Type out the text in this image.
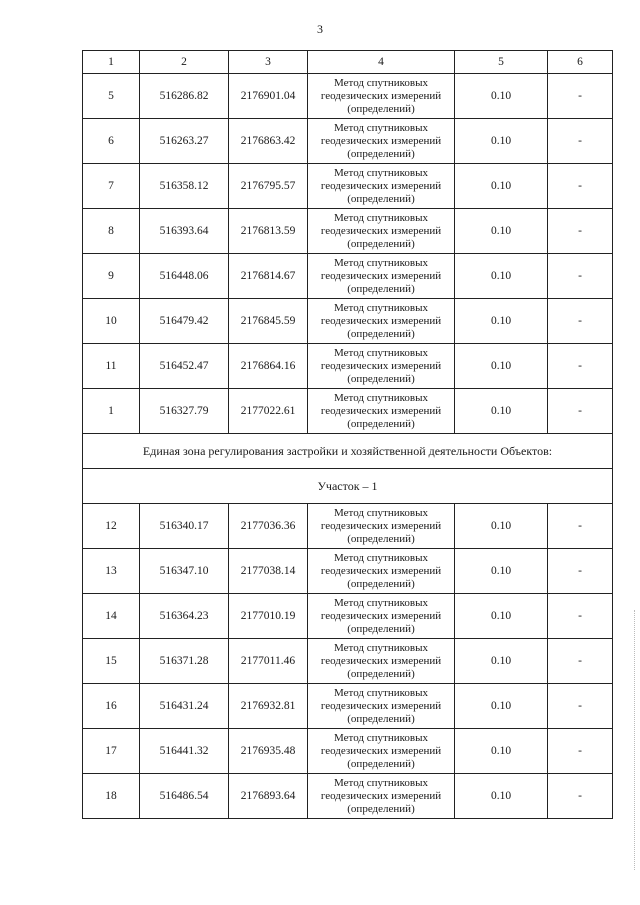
3
1	2	3	4	5	6
5	516286.82	2176901.04	Метод спутниковых
геодезических измерений
(определений)	0.10	-
6	516263.27	2176863.42	Метод спутниковых
геодезических измерений
(определений)	0.10	-
7	516358.12	2176795.57	Метод спутниковых
геодезических измерений
(определений)	0.10	-
8	516393.64	2176813.59	Метод спутниковых
геодезических измерений
(определений)	0.10	-
9	516448.06	2176814.67	Метод спутниковых
геодезических измерений
(определений)	0.10	-
10	516479.42	2176845.59	Метод спутниковых
геодезических измерений
(определений)	0.10	-
11	516452.47	2176864.16	Метод спутниковых
геодезических измерений
(определений)	0.10	-
1	516327.79	2177022.61	Метод спутниковых
геодезических измерений
(определений)	0.10	-
Единая зона регулирования застройки и хозяйственной деятельности Объектов:					
Участок – 1					
12	516340.17	2177036.36	Метод спутниковых
геодезических измерений
(определений)	0.10	-
13	516347.10	2177038.14	Метод спутниковых
геодезических измерений
(определений)	0.10	-
14	516364.23	2177010.19	Метод спутниковых
геодезических измерений
(определений)	0.10	-
15	516371.28	2177011.46	Метод спутниковых
геодезических измерений
(определений)	0.10	-
16	516431.24	2176932.81	Метод спутниковых
геодезических измерений
(определений)	0.10	-
17	516441.32	2176935.48	Метод спутниковых
геодезических измерений
(определений)	0.10	-
18	516486.54	2176893.64	Метод спутниковых
геодезических измерений
(определений)	0.10	-
